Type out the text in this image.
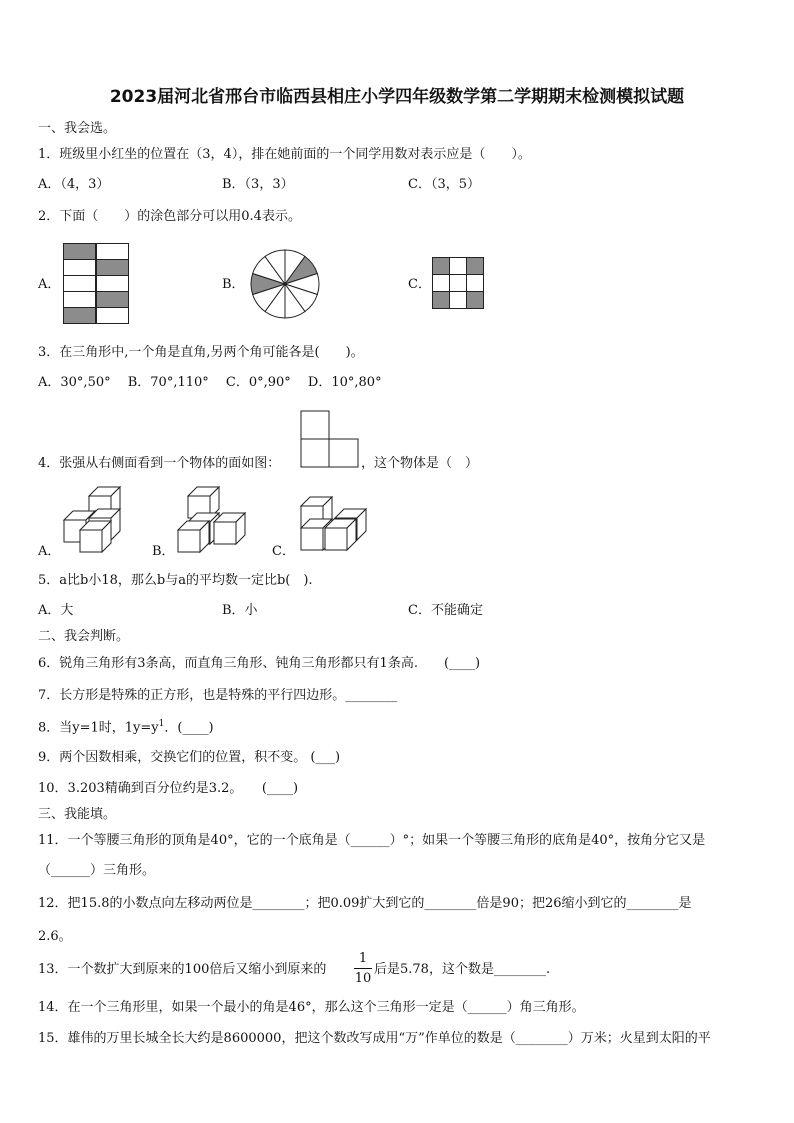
2023届河北省邢台市临西县相庄小学四年级数学第二学期期末检测模拟试题
一、我会选。
1．班级里小红坐的位置在（3，4），排在她前面的一个同学用数对表示应是（　　）。
A．（4，3）	B．（3，3）	C．（3，5）
2．下面（　　）的涂色部分可以用0.4表示。
A．	B．	C．
3．在三角形中,一个角是直角,另两个角可能各是(　　)。
A．30°,50°　 B．70°,110°　 C．0°,90°　 D．10°,80°
4．张强从右侧面看到一个物体的面如图：	，这个物体是（　）
A．	B．	C．
5．a比b小18，那么b与a的平均数一定比b(　).
A．大	B．小	C．不能确定
二、我会判断。
6．锐角三角形有3条高，而直角三角形、钝角三角形都只有1条高.　　(____)
7．长方形是特殊的正方形，也是特殊的平行四边形。________
8．当y=1时，$1y=y^1$．(____)
9．两个因数相乘，交换它们的位置，积不变。 (___)
10．3.203精确到百分位约是3.2。　　(____)
三、我能填。
11．一个等腰三角形的顶角是40°，它的一个底角是（______）°；如果一个等腰三角形的底角是40°，按角分它又是
（______）三角形。
12．把15.8的小数点向左移动两位是________；把0.09扩大到它的________倍是90；把26缩小到它的________是
2.6。
13．一个数扩大到原来的100倍后又缩小到原来的
1
10
后是5.78，这个数是________.
14．在一个三角形里，如果一个最小的角是46°，那么这个三角形一定是（______）角三角形。
15．雄伟的万里长城全长大约是8600000，把这个数改写成用“万”作单位的数是（________）万米；火星到太阳的平
